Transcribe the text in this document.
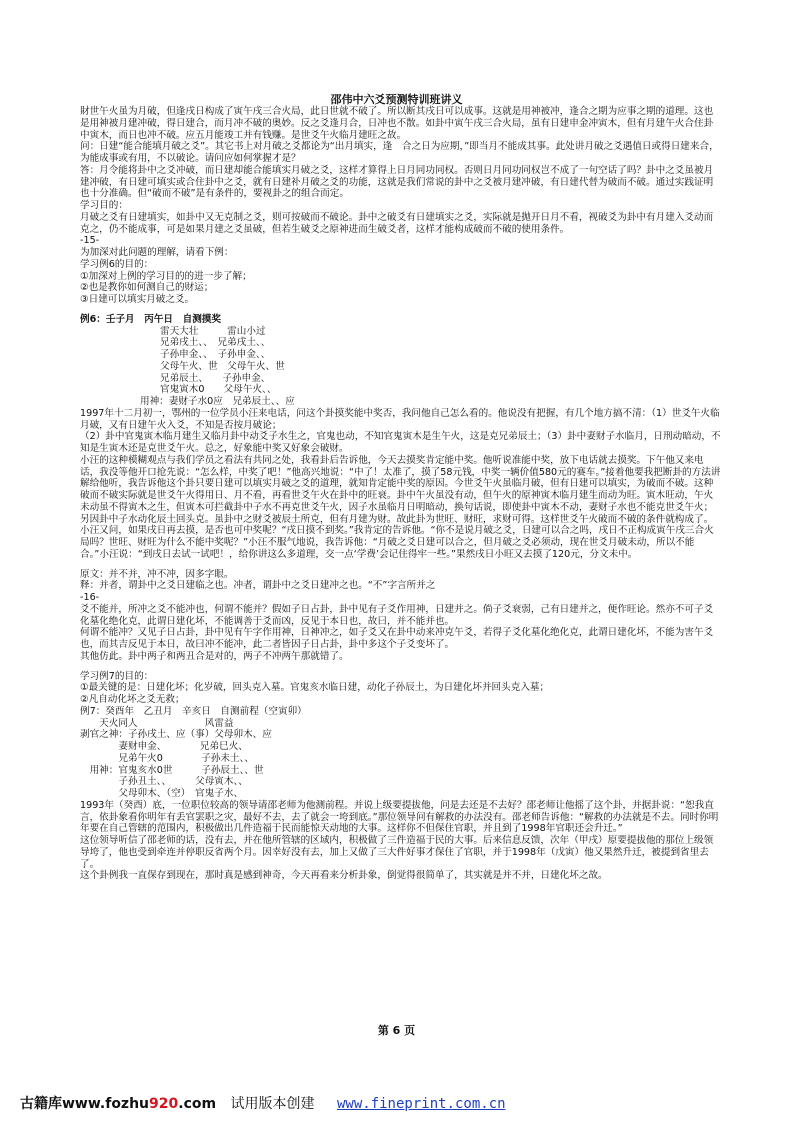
邵伟中六爻预测特训班讲义

財世午火虽为月破，但逢戌日构成了寅午戌三合火局，此日世就不破了。所以断其戌日可以成事。这就是用神被冲，逢合之期为应事之期的道理。这也是用神被月建冲破，得日建合，而月冲不破的奥妙。反之爻逢月合，日冲也不散。如卦中寅午戌三合火局，虽有日建申金冲寅木，但有月建午火合住卦中寅木，而日也冲不破。应五月能竣工并有钱赚。是世爻午火临月建旺之故。

问：日建“能合能填月破之爻”。其它书上对月破之爻都论为“出月填实，逢　合之日为应期，”即当月不能成其事。此处讲月破之爻遇值日或得日建来合，为能成事或有用，不以破论。请问应如何掌握才是？

答：月令能将卦中之爻冲破，而日建却能合能填实月破之爻，这样才算得上日月同功同权。否则日月同功同权岂不成了一句空话了吗？卦中之爻虽被月建冲破，有日建可填实或合住卦中之爻，就有日建补月破之爻的功能，这就是我们常说的卦中之爻被月建冲破，有日建代替为破而不破。通过实践证明也十分准确。但“破而不破”是有条件的，要视卦之的组合而定。

学习目的：

月破之爻有日建填实，如卦中又无克制之爻，则可按破而不破论。卦中之破爻有日建填实之爻，实际就是抛开日月不看，视破爻为卦中有月建入爻动而克之，仍不能成事，可是如果月建之爻虽破，但若生破爻之原神进而生破爻者，这样才能构成破而不破的使用条件。

-15-

为加深对此问题的理解，请看下例：

学习例6的目的：

①加深对上例的学习目的的进一步了解；

②也是教你如何测自己的财运；

③日建可以填实月破之爻。

例6：壬子月　丙午日　自测摸奖

雷天大壮　　　雷山小过

兄弟戌土、、　兄弟戌土、、

子孙申金、、　子孙申金、、

父母午火、世　父母午火、世

兄弟辰土、　　子孙申金、

官鬼寅木0　　父母午火、、

用神：妻财子水0应　兄弟辰土、、应

1997年十二月初一，鄂州的一位学员小汪来电话，问这个卦摸奖能中奖否，我问他自己怎么看的。他说没有把握，有几个地方搞不清：（1）世爻午火临月破，又有日建午火入爻，不知是否按月破论；

（2）卦中官鬼寅木临月建生又临月卦中动爻子水生之，官鬼也动，不知官鬼寅木是生午火，这是克兄弟辰土；（3）卦中妻财子水临月，日刑动暗动，不知是生寅木还是克世爻午火。总之，好象能中奖又好象会破财。

小汪的这种模糊观点与我们学员之看法有共同之处，我看卦后告诉他，今天去摸奖肯定能中奖。他听说准能中奖，放下电话就去摸奖。下午他又来电话，我没等他开口抢先说：“怎么样，中奖了吧！”他高兴地说：“中了！太准了，摸了58元钱，中奖一辆价值580元的赛车。”接着他要我把断卦的方法讲解给他听，我告诉他这个卦只要日建可以填实月破之爻的道理，就知肯定能中奖的原因。今世爻午火虽临月破，但有日建可以填实，为破而不破。这种破而不破实际就是世爻午火得用日、月不看，再看世爻午火在卦中的旺衰。卦中午火虽没有动，但午火的原神寅木临月建生而动为旺。寅木旺动，午火未动虽不得寅木之生，但寅木可拦截卦中子水不再克世爻午火，因子水虽临月日明暗动，换句话说，即使卦中寅木不动，妻财子水也不能克世爻午火；另因卦中子水动化辰土回头克。虽卦中之财爻被辰土所克，但有月建为财。故此卦为世旺、财旺，求财可得。这样世爻午火破而不破的条件就构成了。

小汪又问，如果戌日再去摸，是否也可中奖呢？“戌日摸不到奖。”我肯定的告诉他。“你不是说月破之爻，日建可以合之吗，戌日不正构成寅午戌三合火局吗？世旺、财旺为什么不能中奖呢？”小汪不服气地说，我告诉他：“月破之爻日建可以合之，但月破之爻必须动，现在世爻月破未动，所以不能合。”小汪说：“到戌日去试一试吧！，给你讲这么多道理，交一点‘学费’会记住得牢一些。”果然戌日小旺又去摸了120元，分文未中。

原文：并不并，冲不冲，因多字眼。

释：并者，谓卦中之爻日建临之也。冲者，谓卦中之爻日建冲之也。“不”字言所并之

-16-

爻不能并，所冲之爻不能冲也，何谓不能并？假如子日占卦，卦中见有子爻作用神，日建并之。倘子爻衰弱，己有日建并之，便作旺论。然亦不可子爻化墓化绝化克，此谓日建化坏，不能调善于爻而凶，反见于本日也，故曰，并不能并也。

何谓不能冲？又见子日占卦，卦中见有午字作用神，日神冲之，如子爻又在卦中动来冲克午爻，若得子爻化墓化绝化克，此谓日建化坏，不能为害午爻也，而其吉反见于本日，故曰冲不能冲，此二者皆因子日占卦，卦中多这个子爻变坏了。

其他仿此。卦中两子和两丑合是对的，两子不冲两午那就错了。

学习例7的目的：

①最关键的是：日建化坏；化岁破，回头克入墓。官鬼亥水临日建，动化子孙辰土，为日建化坏并回头克入墓；

②凡自动化坏之爻无救；

例7：癸酉年　乙丑月　辛亥日　自测前程（空寅卯）

　　天火同人　　　　　　　风雷益

剥官之神：子孙戌土、应（事）父母卯木、应

　　　　妻财申金、　　　　兄弟巳火、

　　　　兄弟午火0　　　　子孙未土、、

　用神：官鬼亥水0世　　　子孙辰土、、世

　　　　子孙丑土、、　　　父母寅木、、

　　　　父母卯木、（空）　官鬼子水、

1993年（癸酉）底，一位职位较高的领导请邵老师为他测前程。并说上级要提拔他，问是去还是不去好？邵老师让他摇了这个卦，并据卦说：“恕我直言，依卦象看你明年有丢官罢职之灾，最好不去，去了就会一垮到底。”那位领导问有解救的办法没有。邵老师告诉他：“解救的办法就是不去。同时你明年要在自己管辖的范围内，积极做出几件造福于民而能惊天动地的大事。这样你不但保住官职，并且到了1998年官职还会升迁。”

这位领导听信了邵老师的话，没有去，并在他所管辖的区域内，积极做了三件造福于民的大事。后来信息反馈，次年（甲戌）原要提拔他的那位上级领导垮了，他也受到牵连并停职反省两个月。因幸好没有去，加上又做了三大件好事才保住了官职，并于1998年（戊寅）他又果然升迁，被提到省里去了。

这个卦例我一直保存到现在，那时真是感到神奇，今天再看来分析卦象，倒觉得很简单了，其实就是并不并，日建化坏之故。

第 6 页
古籍库www.fozhu920.com 试用版本创建 www.fineprint.com.cn
